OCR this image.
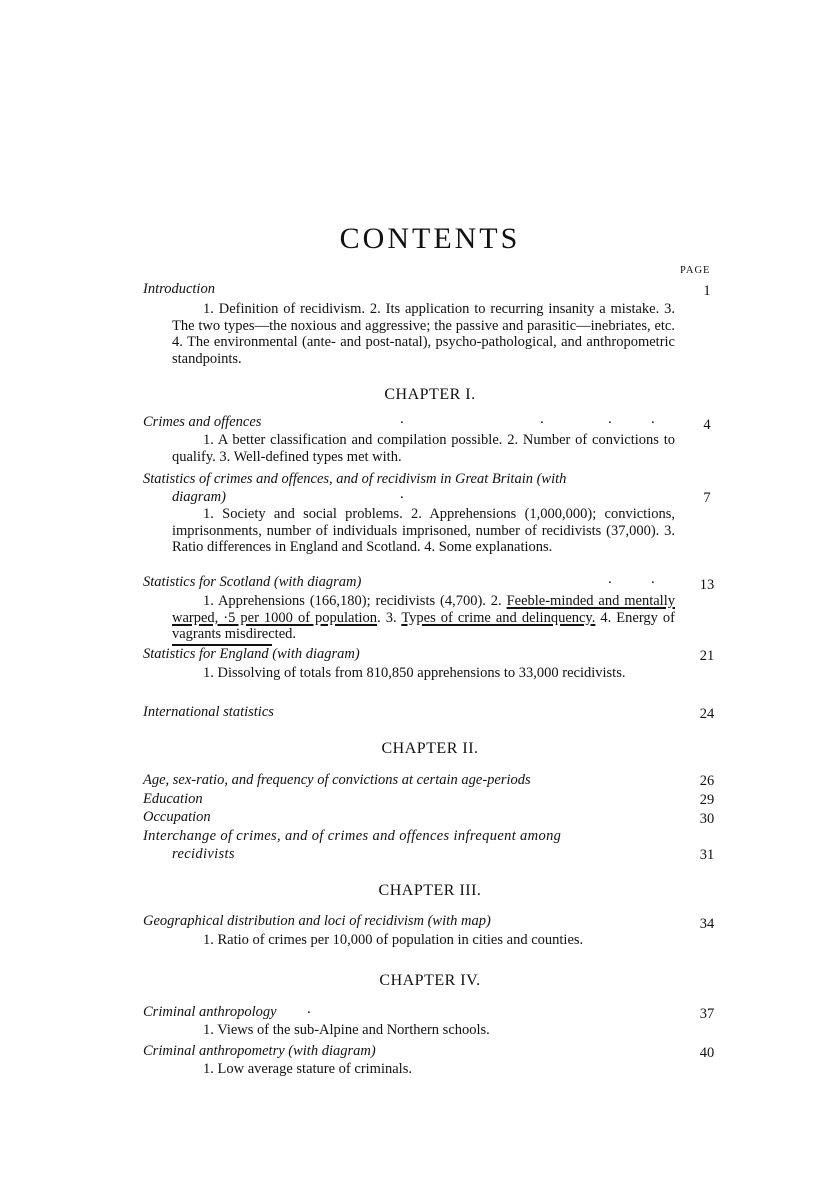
CONTENTS
PAGE
Introduction	1
1. Definition of recidivism. 2. Its application to recurring insanity a mistake. 3. The two types—the noxious and aggressive; the passive and parasitic—inebriates, etc. 4. The environmental (ante- and post-natal), psycho-pathological, and anthropometric standpoints.
CHAPTER I.
Crimes and offences	.	.	.	.	4
1. A better classification and compilation possible. 2. Number of convictions to qualify. 3. Well-defined types met with.
Statistics of crimes and offences, and of recidivism in Great Britain (with
diagram)	.	7
1. Society and social problems. 2. Apprehensions (1,000,000); convictions, imprisonments, number of individuals imprisoned, number of recidivists (37,000). 3. Ratio differences in England and Scotland. 4. Some explanations.
Statistics for Scotland (with diagram)	.	.	13
1. Apprehensions (166,180); recidivists (4,700). 2. Feeble-minded and mentally warped, ·5 per 1000 of population. 3. Types of crime and delinquency. 4. Energy of vagrants misdirected.
Statistics for England (with diagram)	21
1. Dissolving of totals from 810,850 apprehensions to 33,000 recidivists.
International statistics	24
CHAPTER II.
Age, sex-ratio, and frequency of convictions at certain age-periods	26
Education	29
Occupation	30
Interchange of crimes, and of crimes and offences infrequent among
recidivists	31
CHAPTER III.
Geographical distribution and loci of recidivism (with map)	34
1. Ratio of crimes per 10,000 of population in cities and counties.
CHAPTER IV.
Criminal anthropology	.	37
1. Views of the sub-Alpine and Northern schools.
Criminal anthropometry (with diagram)	40
1. Low average stature of criminals.
